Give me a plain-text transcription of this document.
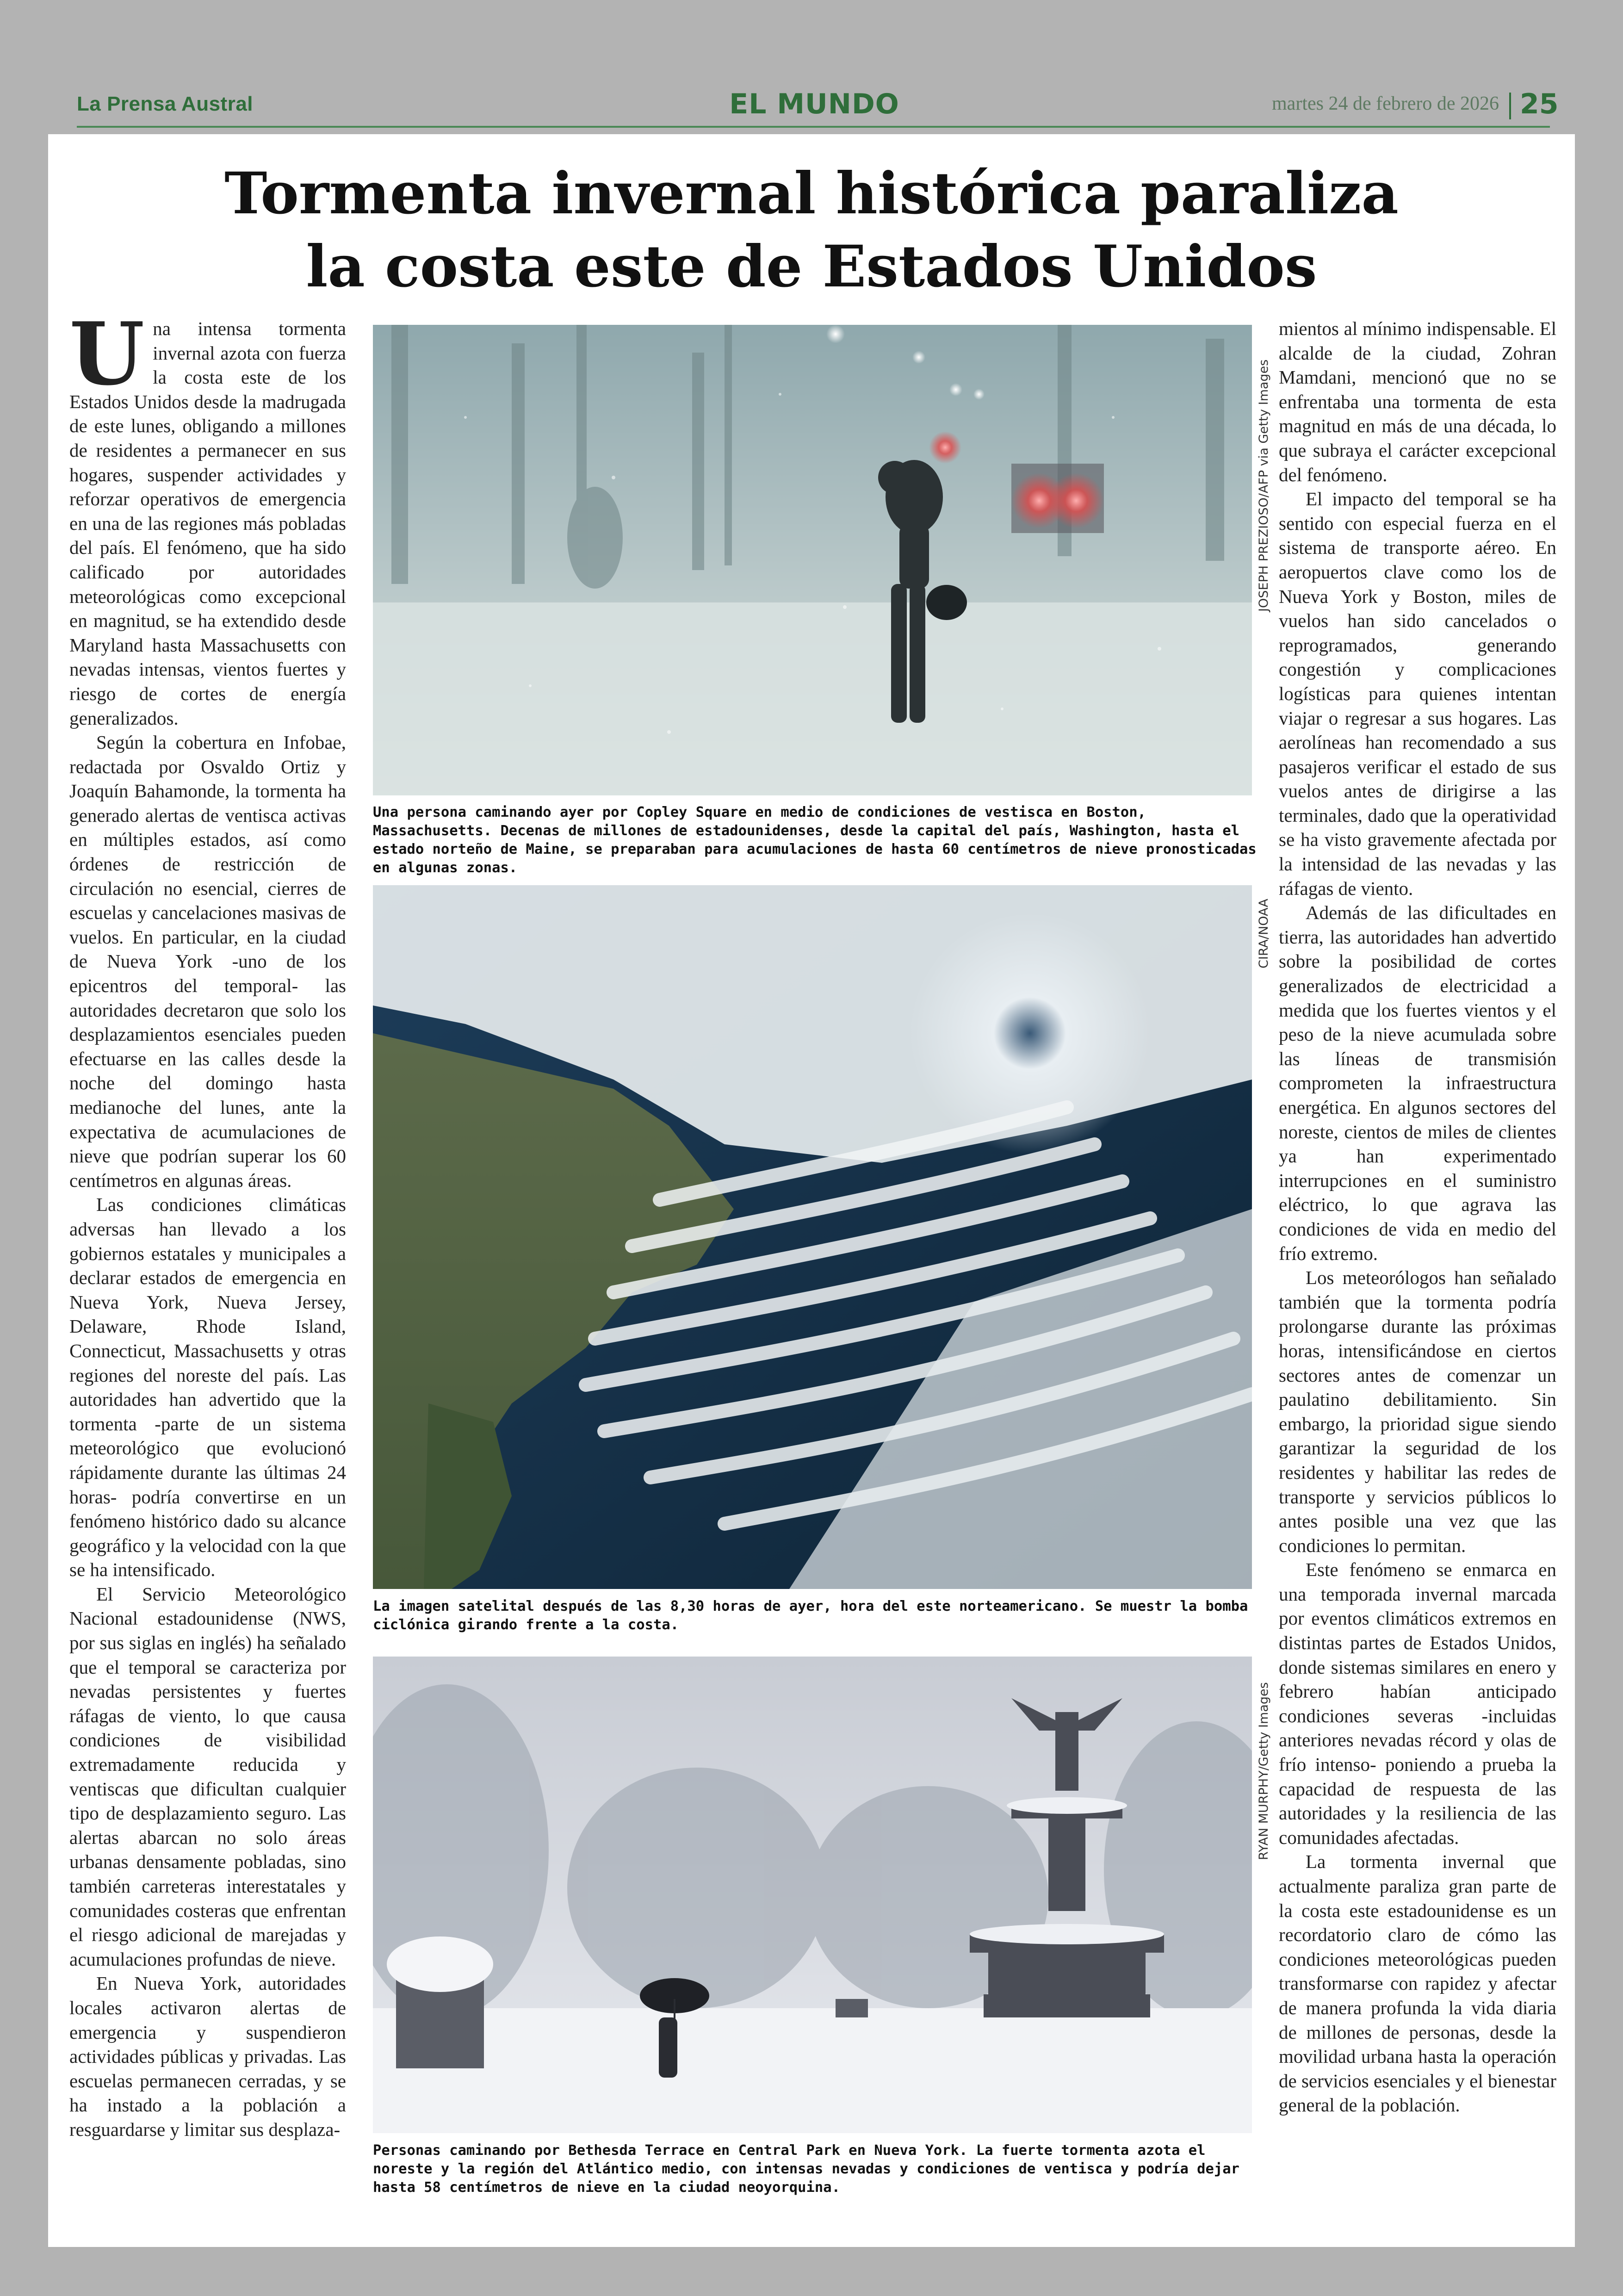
La Prensa Austral	EL MUNDO	martes 24 de febrero de 2026 25
Tormenta invernal histórica paraliza la costa este de Estados Unidos

Una intensa tormenta invernal azota con fuerza la costa este de los Estados Unidos desde la madrugada de este lunes, obligando a millones de residentes a permanecer en sus hogares, suspender actividades y reforzar operativos de emergencia en una de las regiones más pobladas del país. El fenómeno, que ha sido calificado por autoridades meteorológicas como excepcional en magnitud, se ha extendido desde Maryland hasta Massachusetts con nevadas intensas, vientos fuertes y riesgo de cortes de energía generalizados.

Según la cobertura en Infobae, redactada por Osvaldo Ortiz y Joaquín Bahamonde, la tormenta ha generado alertas de ventisca activas en múltiples estados, así como órdenes de restricción de circulación no esencial, cierres de escuelas y cancelaciones masivas de vuelos. En particular, en la ciudad de Nueva York -uno de los epicentros del temporal- las autoridades decretaron que solo los desplazamientos esenciales pueden efectuarse en las calles desde la noche del domingo hasta medianoche del lunes, ante la expectativa de acumulaciones de nieve que podrían superar los 60 centímetros en algunas áreas.

Las condiciones climáticas adversas han llevado a los gobiernos estatales y municipales a declarar estados de emergencia en Nueva York, Nueva Jersey, Delaware, Rhode Island, Connecticut, Massachusetts y otras regiones del noreste del país. Las autoridades han advertido que la tormenta -parte de un sistema meteorológico que evolucionó rápidamente durante las últimas 24 horas- podría convertirse en un fenómeno histórico dado su alcance geográfico y la velocidad con la que se ha intensificado.

El Servicio Meteorológico Nacional estadounidense (NWS, por sus siglas en inglés) ha señalado que el temporal se caracteriza por nevadas persistentes y fuertes ráfagas de viento, lo que causa condiciones de visibilidad extremadamente reducida y ventiscas que dificultan cualquier tipo de desplazamiento seguro. Las alertas abarcan no solo áreas urbanas densamente pobladas, sino también carreteras interestatales y comunidades costeras que enfrentan el riesgo adicional de marejadas y acumulaciones profundas de nieve.

En Nueva York, autoridades locales activaron alertas de emergencia y suspendieron actividades públicas y privadas. Las escuelas permanecen cerradas, y se ha instado a la población a resguardarse y limitar sus desplaza-

mientos al mínimo indispensable. El alcalde de la ciudad, Zohran Mamdani, mencionó que no se enfrentaba una tormenta de esta magnitud en más de una década, lo que subraya el carácter excepcional del fenómeno.

El impacto del temporal se ha sentido con especial fuerza en el sistema de transporte aéreo. En aeropuertos clave como los de Nueva York y Boston, miles de vuelos han sido cancelados o reprogramados, generando congestión y complicaciones logísticas para quienes intentan viajar o regresar a sus hogares. Las aerolíneas han recomendado a sus pasajeros verificar el estado de sus vuelos antes de dirigirse a las terminales, dado que la operatividad se ha visto gravemente afectada por la intensidad de las nevadas y las ráfagas de viento.

Además de las dificultades en tierra, las autoridades han advertido sobre la posibilidad de cortes generalizados de electricidad a medida que los fuertes vientos y el peso de la nieve acumulada sobre las líneas de transmisión comprometen la infraestructura energética. En algunos sectores del noreste, cientos de miles de clientes ya han experimentado interrupciones en el suministro eléctrico, lo que agrava las condiciones de vida en medio del frío extremo.

Los meteorólogos han señalado también que la tormenta podría prolongarse durante las próximas horas, intensificándose en ciertos sectores antes de comenzar un paulatino debilitamiento. Sin embargo, la prioridad sigue siendo garantizar la seguridad de los residentes y habilitar las redes de transporte y servicios públicos lo antes posible una vez que las condiciones lo permitan.

Este fenómeno se enmarca en una temporada invernal marcada por eventos climáticos extremos en distintas partes de Estados Unidos, donde sistemas similares en enero y febrero habían anticipado condiciones severas -incluidas anteriores nevadas récord y olas de frío intenso- poniendo a prueba la capacidad de respuesta de las autoridades y la resiliencia de las comunidades afectadas.

La tormenta invernal que actualmente paraliza gran parte de la costa este estadounidense es un recordatorio claro de cómo las condiciones meteorológicas pueden transformarse con rapidez y afectar de manera profunda la vida diaria de millones de personas, desde la movilidad urbana hasta la operación de servicios esenciales y el bienestar general de la población.

JOSEPH PREZIOSO/AFP via Getty Images
Una persona caminando ayer por Copley Square en medio de condiciones de vestisca en Boston, Massachusetts. Decenas de millones de estadounidenses, desde la capital del país, Washington, hasta el estado norteño de Maine, se preparaban para acumulaciones de hasta 60 centímetros de nieve pronosticadas en algunas zonas.
CIRA/NOAA
La imagen satelital después de las 8,30 horas de ayer, hora del este norteamericano. Se muestr la bomba ciclónica girando frente a la costa.
RYAN MURPHY/Getty Images
Personas caminando por Bethesda Terrace en Central Park en Nueva York. La fuerte tormenta azota el noreste y la región del Atlántico medio, con intensas nevadas y condiciones de ventisca y podría dejar hasta 58 centímetros de nieve en la ciudad neoyorquina.
